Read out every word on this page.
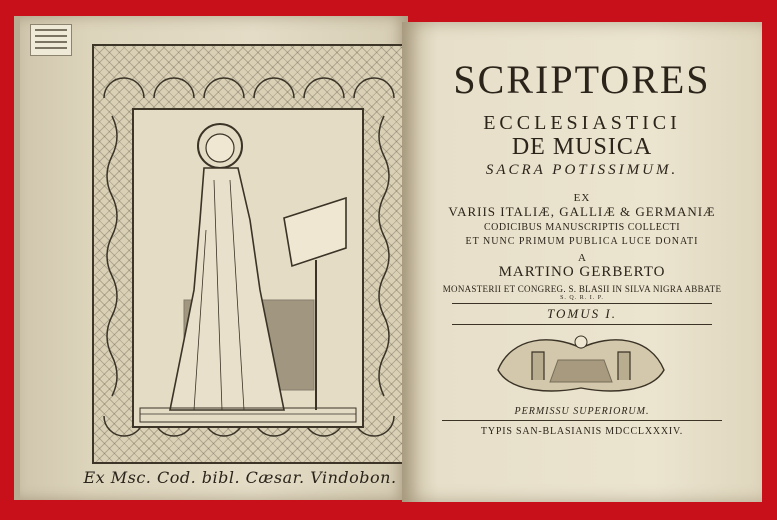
Ex Msc. Cod. bibl. Cæsar. Vindobon.
SCRIPTORES
ECCLESIASTICI
DE MUSICA
SACRA POTISSIMUM.
EX
VARIIS ITALIÆ, GALLIÆ & GERMANIÆ
CODICIBUS MANUSCRIPTIS COLLECTI
ET NUNC PRIMUM PUBLICA LUCE DONATI
A
MARTINO GERBERTO
MONASTERII ET CONGREG. S. BLASII IN SILVA NIGRA ABBATE
S. Q. R. I. P.
TOMUS I.
PERMISSU SUPERIORUM.
TYPIS SAN-BLASIANIS MDCCLXXXIV.
